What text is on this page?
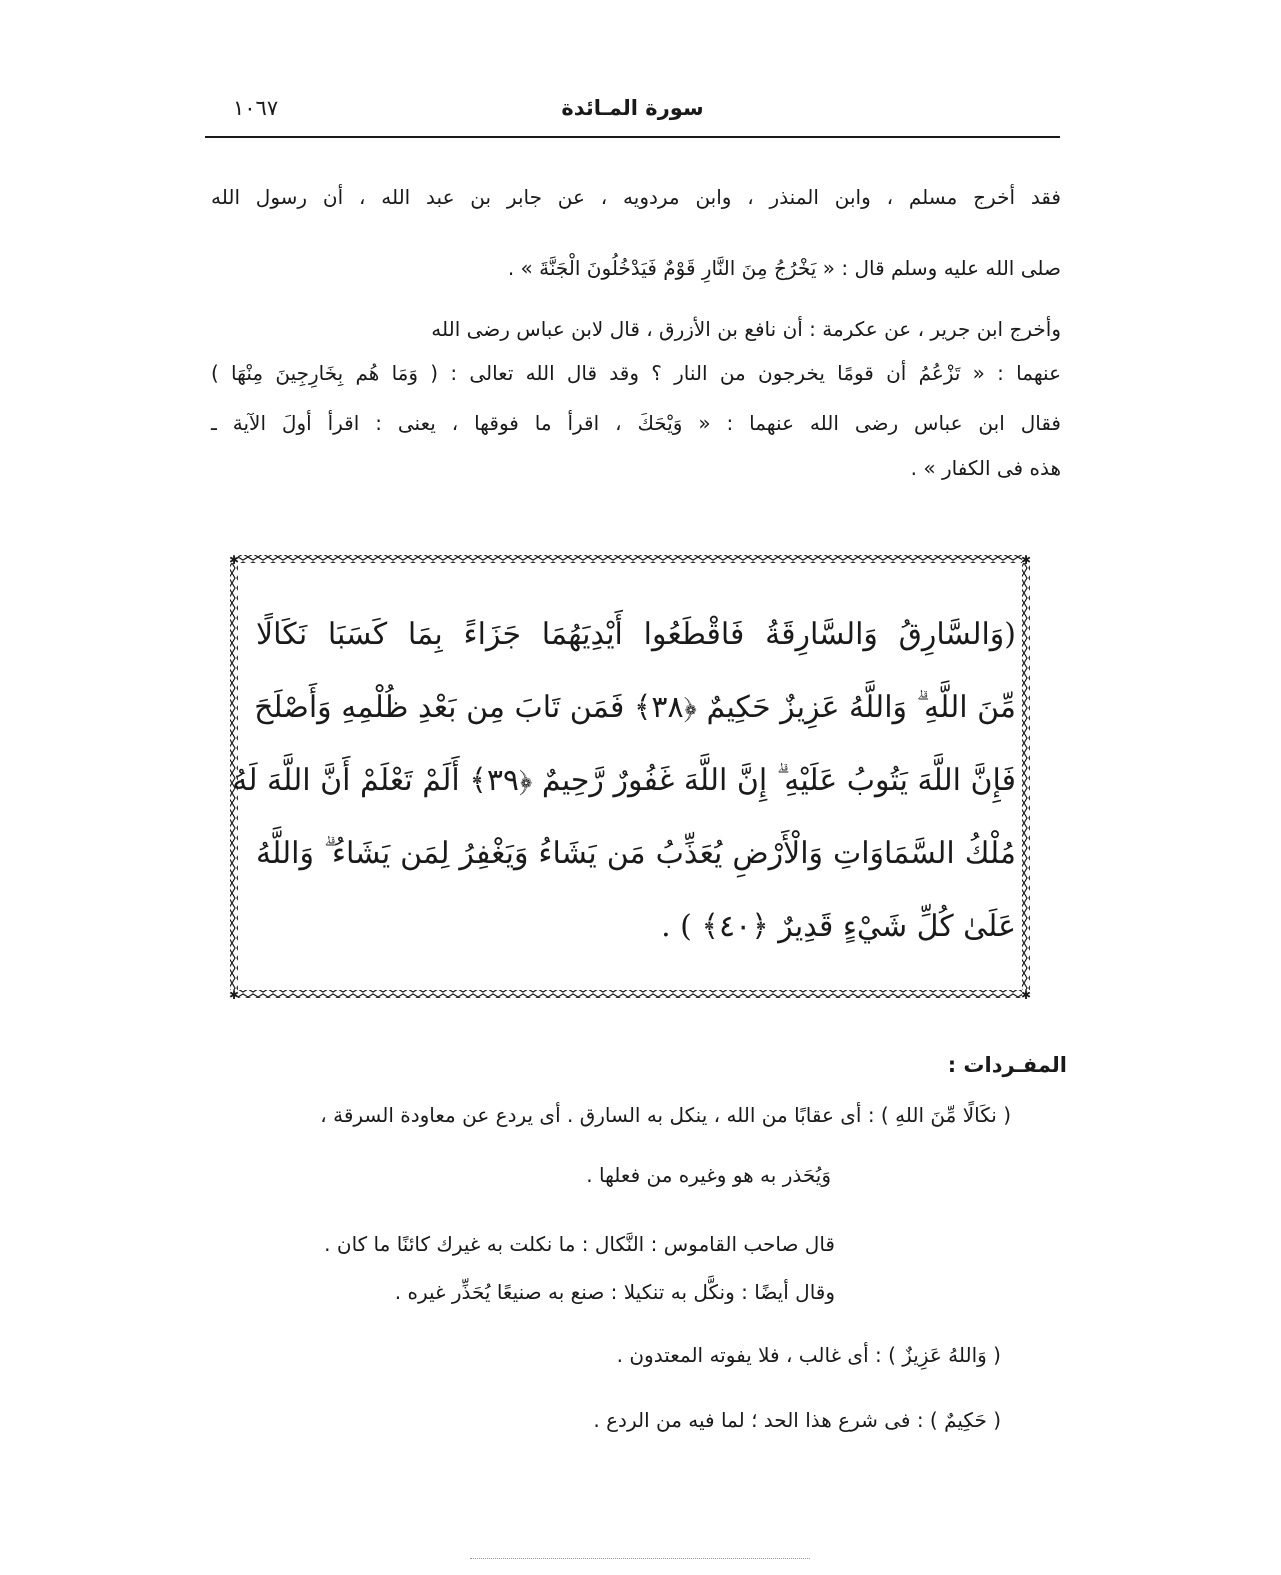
سورة المـائدة
١٠٦٧
فقد أخرج مسلم ، وابن المنذر ، وابن مردويه ، عن جابر بن عبد الله ، أن رسول الله
صلى الله عليه وسلم قال : « يَخْرُجُ مِنَ النَّارِ قَوْمٌ فَيَدْخُلُونَ الْجَنَّةَ » .
وأخرج ابن جرير ، عن عكرمة : أن نافع بن الأزرق ، قال لابن عباس رضى الله
عنهما : « تَزْعُمُ أن قومًا يخرجون من النار ؟ وقد قال الله تعالى : ( وَمَا هُم بِخَارِجِينَ مِنْهَا )
فقال ابن عباس رضى الله عنهما : « وَيْحَكَ ، اقرأ ما فوقها ، يعنى : اقرأ أولَ الآية ـ
هذه فى الكفار » .
✱	✱
✱	✱
(وَالسَّارِقُ وَالسَّارِقَةُ فَاقْطَعُوا أَيْدِيَهُمَا جَزَاءً بِمَا كَسَبَا نَكَالًا
مِّنَ اللَّهِ ۗ وَاللَّهُ عَزِيزٌ حَكِيمٌ ﴿٣٨﴾ فَمَن تَابَ مِن بَعْدِ ظُلْمِهِ وَأَصْلَحَ
فَإِنَّ اللَّهَ يَتُوبُ عَلَيْهِ ۗ إِنَّ اللَّهَ غَفُورٌ رَّحِيمٌ ﴿٣٩﴾ أَلَمْ تَعْلَمْ أَنَّ اللَّهَ لَهُ
مُلْكُ السَّمَاوَاتِ وَالْأَرْضِ يُعَذِّبُ مَن يَشَاءُ وَيَغْفِرُ لِمَن يَشَاءُ ۗ وَاللَّهُ
عَلَىٰ كُلِّ شَيْءٍ قَدِيرٌ ﴿٤٠﴾ ) .
المفـردات :
( نكَالًا مِّنَ اللهِ ) : أى عقابًا من الله ، ينكل به السارق . أى يردع عن معاودة السرقة ،
وَيُحَذر به هو وغيره من فعلها .
قال صاحب القاموس : النَّكال : ما نكلت به غيرك كائنًا ما كان .
وقال أيضًا : ونكَّل به تنكيلا : صنع به صنيعًا يُحَذِّر غيره .
( وَاللهُ عَزِيزٌ ) : أى غالب ، فلا يفوته المعتدون .
( حَكِيمٌ ) : فى شرع هذا الحد ؛ لما فيه من الردع .
